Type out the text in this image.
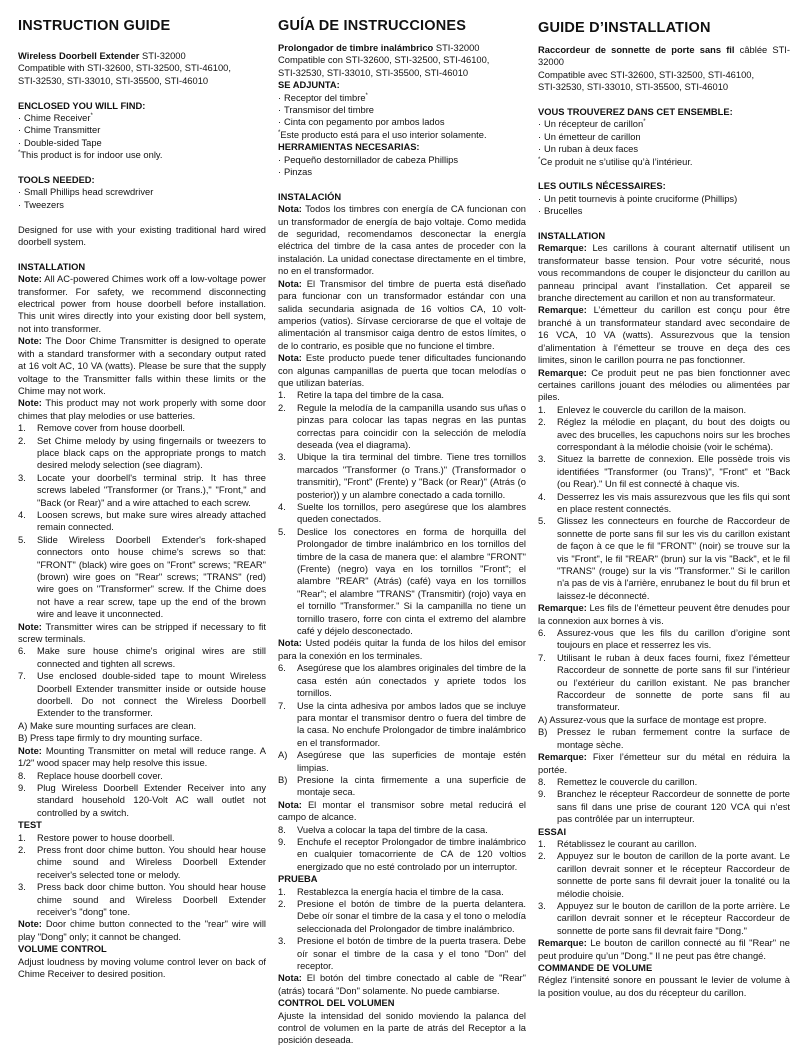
INSTRUCTION GUIDE
Wireless Doorbell Extender STI-32000
Compatible with STI-32600, STI-32500, STI-46100,
STI-32530, STI-33010, STI-35500, STI-46010
ENCLOSED YOU WILL FIND:
· Chime Receiver*
· Chime Transmitter
· Double-sided Tape
*This product is for indoor use only.
TOOLS NEEDED:
· Small Phillips head screwdriver
· Tweezers
Designed for use with your existing traditional hard wired doorbell system.
INSTALLATION

Note: All AC-powered Chimes work off a low-voltage power transformer. For safety, we recommend disconnecting electrical power from house doorbell before installation. This unit wires directly into your existing door bell system, not into transformer.

Note: The Door Chime Transmitter is designed to operate with a standard transformer with a secondary output rated at 16 volt AC, 10 VA (watts). Please be sure that the supply voltage to the Transmitter falls within these limits or the Chime may not work.

Note: This product may not work properly with some door chimes that play melodies or use batteries.

1.	Remove cover from house doorbell.
2.	Set Chime melody by using fingernails or tweezers to place black caps on the appropriate prongs to match desired melody selection (see diagram).
3.	Locate your doorbell's terminal strip. It has three screws labeled "Transformer (or Trans.)," "Front," and "Back (or Rear)" and a wire attached to each screw.
4.	Loosen screws, but make sure wires already attached remain connected.
5.	Slide Wireless Doorbell Extender's fork-shaped connectors onto house chime's screws so that: "FRONT" (black) wire goes on "Front" screws; "REAR" (brown) wire goes on "Rear" screws; "TRANS" (red) wire goes on "Transformer" screw. If the Chime does not have a rear screw, tape up the end of the brown wire and leave it unconnected.

Note: Transmitter wires can be stripped if necessary to fit screw terminals.

6.	Make sure house chime's original wires are still connected and tighten all screws.
7.	Use enclosed double-sided tape to mount Wireless Doorbell Extender transmitter inside or outside house doorbell. Do not connect the Wireless Doorbell Extender to the transformer.
A) Make sure mounting surfaces are clean.
B) Press tape firmly to dry mounting surface.

Note: Mounting Transmitter on metal will reduce range. A 1/2" wood spacer may help resolve this issue.

8.	Replace house doorbell cover.
9.	Plug Wireless Doorbell Extender Receiver into any standard household 120-Volt AC wall outlet not controlled by a switch.
TEST
1.	Restore power to house doorbell.
2.	Press front door chime button. You should hear house chime sound and Wireless Doorbell Extender receiver's selected tone or melody.
3.	Press back door chime button. You should hear house chime sound and Wireless Doorbell Extender receiver's "dong" tone.

Note: Door chime button connected to the "rear" wire will play "Dong" only; it cannot be changed.

VOLUME CONTROL
Adjust loudness by moving volume control lever on back of Chime Receiver to desired position.
GUÍA DE INSTRUCCIONES
Prolongador de timbre inalámbrico STI-32000
Compatible con STI-32600, STI-32500, STI-46100,
STI-32530, STI-33010, STI-35500, STI-46010
SE ADJUNTA:
· Receptor del timbre*
· Transmisor del timbre
· Cinta con pegamento por ambos lados
*Este producto está para el uso interior solamente.
HERRAMIENTAS NECESARIAS:
· Pequeño destornillador de cabeza Phillips
· Pinzas
INSTALACIÓN

Nota: Todos los timbres con energía de CA funcionan con un transformador de energía de bajo voltaje. Como medida de seguridad, recomendamos desconectar la energía eléctrica del timbre de la casa antes de proceder con la instalación. La unidad conectase directamente en el timbre, no en el transformador.

Nota: El Transmisor del timbre de puerta está diseñado para funcionar con un transformador estándar con una salida secundaria asignada de 16 voltios CA, 10 volt-amperios (vatios). Sírvase cerciorarse de que el voltaje de alimentación al transmisor caiga dentro de estos límites, o de lo contrario, es posible que no funcione el timbre.

Nota: Este producto puede tener dificultades funcionando con algunas campanillas de puerta que tocan melodías o que utilizan baterías.

1.	Retire la tapa del timbre de la casa.
2.	Regule la melodía de la campanilla usando sus uñas o pinzas para colocar las tapas negras en las puntas correctas para coincidir con la selección de melodía deseada (vea el diagrama).
3.	Ubique la tira terminal del timbre. Tiene tres tornillos marcados "Transformer (o Trans.)" (Transformador o transmitir), "Front" (Frente) y "Back (or Rear)" (Atrás (o posterior)) y un alambre conectado a cada tornillo.
4.	Suelte los tornillos, pero asegúrese que los alambres queden conectados.
5.	Deslice los conectores en forma de horquilla del Prolongador de timbre inalámbrico en los tornillos del timbre de la casa de manera que: el alambre "FRONT" (Frente) (negro) vaya en los tornillos "Front"; el alambre "REAR" (Atrás) (café) vaya en los tornillos "Rear"; el alambre "TRANS" (Transmitir) (rojo) vaya en el tornillo "Transformer." Si la campanilla no tiene un tornillo trasero, forre con cinta el extremo del alambre café y déjelo desconectado.

Nota: Usted podéis quitar la funda de los hilos del emisor para la conexión en los terminales.

6.	Asegúrese que los alambres originales del timbre de la casa estén aún conectados y apriete todos los tornillos.
7.	Use la cinta adhesiva por ambos lados que se incluye para montar el transmisor dentro o fuera del timbre de la casa. No enchufe Prolongador de timbre inalámbrico en el transformador.
A)	Asegúrese que las superficies de montaje estén limpias.
B)	Presione la cinta firmemente a una superficie de montaje seca.

Nota: El montar el transmisor sobre metal reducirá el campo de alcance.

8.	Vuelva a colocar la tapa del timbre de la casa.
9.	Enchufe el receptor Prolongador de timbre inalámbrico en cualquier tomacorriente de CA de 120 voltios energizado que no esté controlado por un interruptor.
PRUEBA
1.	Restablezca la energía hacia el timbre de la casa.
2.	Presione el botón de timbre de la puerta delantera. Debe oír sonar el timbre de la casa y el tono o melodía seleccionada del Prolongador de timbre inalámbrico.
3.	Presione el botón de timbre de la puerta trasera. Debe oír sonar el timbre de la casa y el tono "Don" del receptor.

Nota: El botón del timbre conectado al cable de "Rear" (atrás) tocará "Don" solamente. No puede cambiarse.

CONTROL DEL VOLUMEN
Ajuste la intensidad del sonido moviendo la palanca del control de volumen en la parte de atrás del Receptor a la posición deseada.
GUIDE D’INSTALLATION
Raccordeur de sonnette de porte sans fil câblée STI-32000
Compatible avec STI-32600, STI-32500, STI-46100,
STI-32530, STI-33010, STI-35500, STI-46010
VOUS TROUVEREZ DANS CET ENSEMBLE:
· Un récepteur de carillon*
· Un émetteur de carillon
· Un ruban à deux faces
*Ce produit ne s’utilise qu’à l’intérieur.
LES OUTILS NÉCESSAIRES:
· Un petit tournevis à pointe cruciforme (Phillips)
· Brucelles
INSTALLATION

Remarque: Les carillons à courant alternatif utilisent un transformateur basse tension. Pour votre sécurité, nous vous recommandons de couper le disjoncteur du carillon au panneau principal avant l’installation. Cet appareil se branche directement au carillon et non au transformateur.

Remarque: L’émetteur du carillon est conçu pour être branché à un transformateur standard avec secondaire de 16 VCA, 10 VA (watts). Assurezvous que la tension d’alimentation à l’émetteur se trouve en deça des ces limites, sinon le carillon pourra ne pas fonctionner.

Remarque: Ce produit peut ne pas bien fonctionner avec certaines carillons jouant des mélodies ou alimentées par piles.

1.	Enlevez le couvercle du carillon de la maison.
2.	Réglez la mélodie en plaçant, du bout des doigts ou avec des brucelles, les capuchons noirs sur les broches correspondant à la mélodie choisie (voir le schéma).
3.	Situez la barrette de connexion. Elle possède trois vis identifiées "Transformer (ou Trans)", "Front" et "Back (ou Rear)." Un fil est connecté à chaque vis.
4.	Desserrez les vis mais assurezvous que les fils qui sont en place restent connectés.
5.	Glissez les connecteurs en fourche de Raccordeur de sonnette de porte sans fil sur les vis du carillon existant de façon à ce que le fil "FRONT" (noir) se trouve sur la vis "Front", le fil "REAR" (brun) sur la vis "Back", et le fil "TRANS" (rouge) sur la vis "Transformer." Si le carillon n'a pas de vis à l'arrière, enrubanez le bout du fil brun et laissez-le déconnecté.

Remarque: Les fils de l’émetteur peuvent être denudes pour la connexion aux bornes à vis.

6.	Assurez-vous que les fils du carillon d’origine sont toujours en place et resserrez les vis.
7.	Utilisant le ruban à deux faces fourni, fixez l’émetteur Raccordeur de sonnette de porte sans fil sur l’intérieur ou l’extérieur du carillon existant. Ne pas brancher Raccordeur de sonnette de porte sans fil au transformateur.
A) Assurez-vous que la surface de montage est propre.
B)	Pressez le ruban fermement contre la surface de montage sèche.

Remarque: Fixer l’émetteur sur du métal en réduira la portée.

8.	Remettez le couvercle du carillon.
9.	Branchez le récepteur Raccordeur de sonnette de porte sans fil dans une prise de courant 120 VCA qui n’est pas contrôlée par un interrupteur.
ESSAI
1.	Rétablissez le courant au carillon.
2.	Appuyez sur le bouton de carillon de la porte avant. Le carillon devrait sonner et le récepteur Raccordeur de sonnette de porte sans fil devrait jouer la tonalité ou la mélodie choisie.
3.	Appuyez sur le bouton de carillon de la porte arrière. Le carillon devrait sonner et le récepteur Raccordeur de sonnette de porte sans fil devrait faire "Dong."

Remarque: Le bouton de carillon connecté au fil "Rear" ne peut produire qu’un "Dong." Il ne peut pas être changé.

COMMANDE DE VOLUME
Réglez l’intensité sonore en poussant le levier de volume à la position voulue, au dos du récepteur du carillon.
